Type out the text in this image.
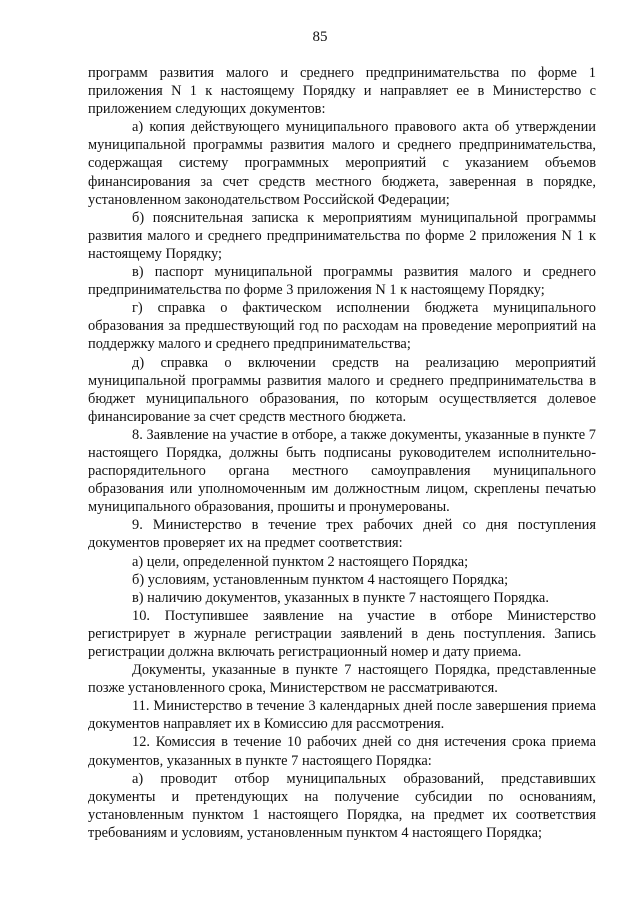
85

программ развития малого и среднего предпринимательства по форме 1 приложения N 1 к настоящему Порядку и направляет ее в Министерство с приложением следующих документов:

а) копия действующего муниципального правового акта об утверждении муниципальной программы развития малого и среднего предпринимательства, содержащая систему программных мероприятий с указанием объемов финансирования за счет средств местного бюджета, заверенная в порядке, установленном законодательством Российской Федерации;

б) пояснительная записка к мероприятиям муниципальной программы развития малого и среднего предпринимательства по форме 2 приложения N 1 к настоящему Порядку;

в) паспорт муниципальной программы развития малого и среднего предпринимательства по форме 3 приложения N 1 к настоящему Порядку;

г) справка о фактическом исполнении бюджета муниципального образования за предшествующий год по расходам на проведение мероприятий на поддержку малого и среднего предпринимательства;

д) справка о включении средств на реализацию мероприятий муниципальной программы развития малого и среднего предпринимательства в бюджет муниципального образования, по которым осуществляется долевое финансирование за счет средств местного бюджета.

8. Заявление на участие в отборе, а также документы, указанные в пункте 7 настоящего Порядка, должны быть подписаны руководителем исполнительно-распорядительного органа местного самоуправления муниципального образования или уполномоченным им должностным лицом, скреплены печатью муниципального образования, прошиты и пронумерованы.

9. Министерство в течение трех рабочих дней со дня поступления документов проверяет их на предмет соответствия:

а) цели, определенной пунктом 2 настоящего Порядка;

б) условиям, установленным пунктом 4 настоящего Порядка;

в) наличию документов, указанных в пункте 7 настоящего Порядка.

10. Поступившее заявление на участие в отборе Министерство регистрирует в журнале регистрации заявлений в день поступления. Запись регистрации должна включать регистрационный номер и дату приема.

Документы, указанные в пункте 7 настоящего Порядка, представленные позже установленного срока, Министерством не рассматриваются.

11. Министерство в течение 3 календарных дней после завершения приема документов направляет их в Комиссию для рассмотрения.

12. Комиссия в течение 10 рабочих дней со дня истечения срока приема документов, указанных в пункте 7 настоящего Порядка:

а) проводит отбор муниципальных образований, представивших документы и претендующих на получение субсидии по основаниям, установленным пунктом 1 настоящего Порядка, на предмет их соответствия требованиям и условиям, установленным пунктом 4 настоящего Порядка;
